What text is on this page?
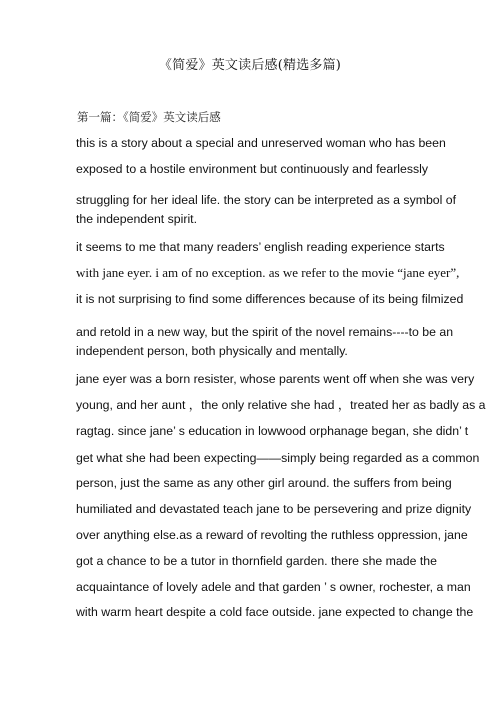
《简爱》英文读后感(精选多篇)
第一篇：《简爱》英文读后感
this is a story about a special and unreserved woman who has been
exposed to a hostile environment but continuously and fearlessly
struggling for her ideal life. the story can be interpreted as a symbol of
the independent spirit.
it seems to me that many readers’ english reading experience starts
with jane eyer. i am of no exception. as we refer to the movie “jane eyer”,
it is not surprising to find some differences because of its being filmized
and retold in a new way, but the spirit of the novel remains----to be an
independent person, both physically and mentally.
jane eyer was a born resister, whose parents went off when she was very
young, and her aunt ，the only relative she had ，treated her as badly as a
ragtag. since jane’ s education in lowwood orphanage began, she didn’ t
get what she had been expecting——simply being regarded as a common
person, just the same as any other girl around. the suffers from being
humiliated and devastated teach jane to be persevering and prize dignity
over anything else.as a reward of revolting the ruthless oppression, jane
got a chance to be a tutor in thornfield garden. there she made the
acquaintance of lovely adele and that garden ’ s owner, rochester, a man
with warm heart despite a cold face outside. jane expected to change the
